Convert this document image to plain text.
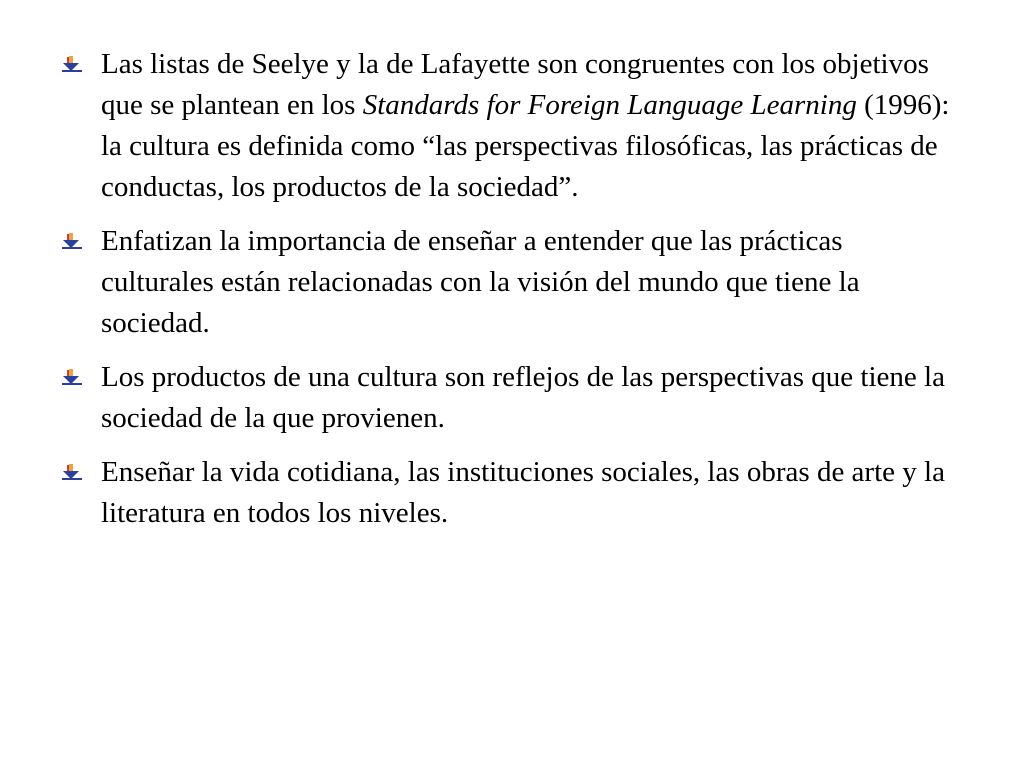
Las listas de Seelye y la de Lafayette son congruentes con los objetivos que se plantean en los Standards for Foreign Language Learning (1996): la cultura es definida como “las perspectivas filosóficas, las prácticas de conductas, los productos de la sociedad”.
Enfatizan la importancia de enseñar a entender que las prácticas culturales están relacionadas con la visión del mundo que tiene la sociedad.
Los productos de una cultura son reflejos de las perspectivas que tiene la sociedad de la que provienen.
Enseñar la vida cotidiana, las instituciones sociales, las obras de arte y la literatura en todos los niveles.
